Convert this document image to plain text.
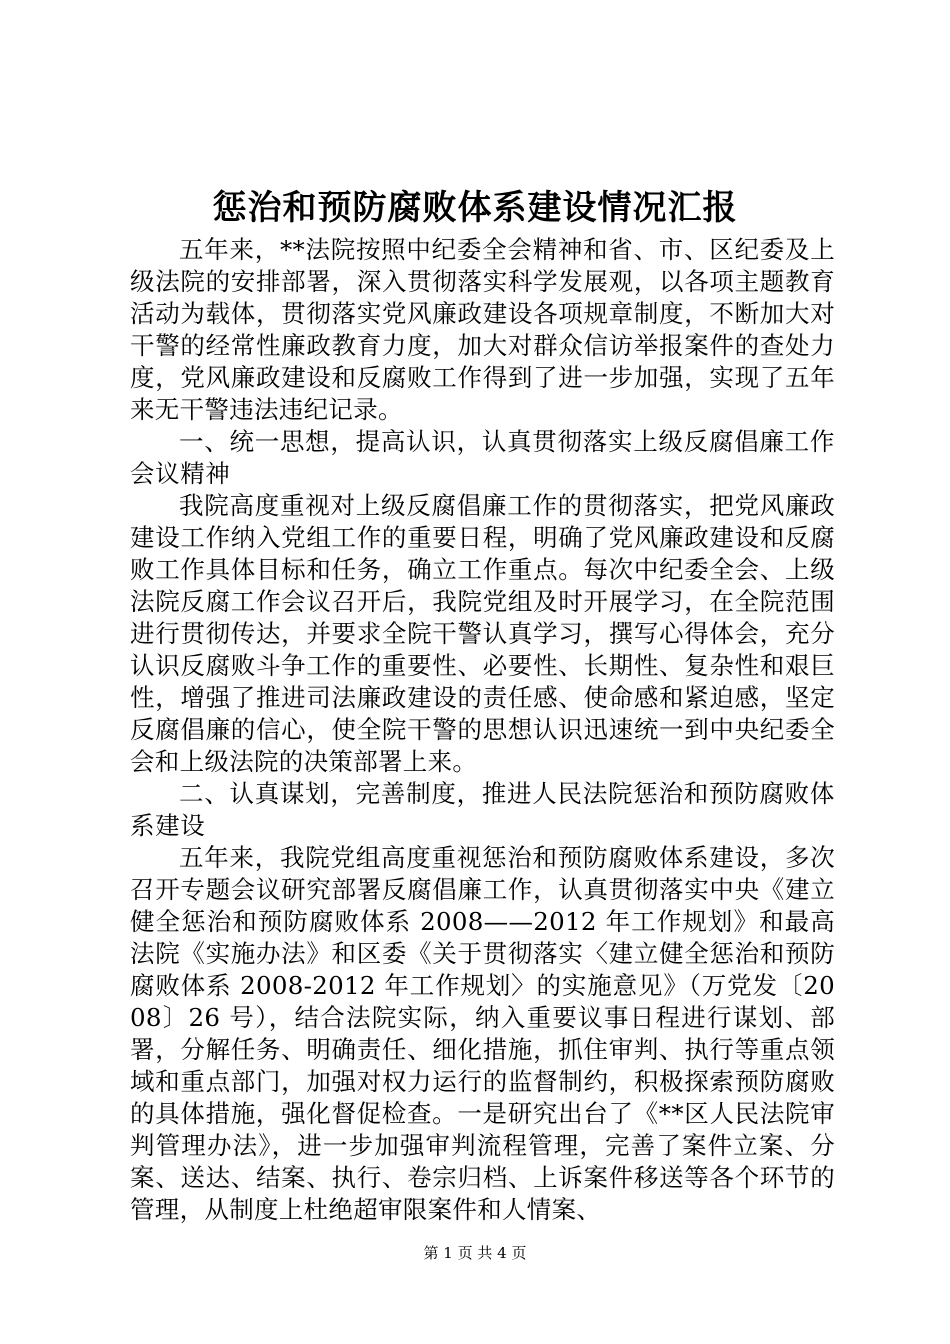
惩治和预防腐败体系建设情况汇报

五年来，**法院按照中纪委全会精神和省、市、区纪委及上级法院的安排部署，深入贯彻落实科学发展观，以各项主题教育活动为载体，贯彻落实党风廉政建设各项规章制度，不断加大对干警的经常性廉政教育力度，加大对群众信访举报案件的查处力度，党风廉政建设和反腐败工作得到了进一步加强，实现了五年来无干警违法违纪记录。

一、统一思想，提高认识，认真贯彻落实上级反腐倡廉工作会议精神

我院高度重视对上级反腐倡廉工作的贯彻落实，把党风廉政建设工作纳入党组工作的重要日程，明确了党风廉政建设和反腐败工作具体目标和任务，确立工作重点。每次中纪委全会、上级法院反腐工作会议召开后，我院党组及时开展学习，在全院范围进行贯彻传达，并要求全院干警认真学习，撰写心得体会，充分认识反腐败斗争工作的重要性、必要性、长期性、复杂性和艰巨性，增强了推进司法廉政建设的责任感、使命感和紧迫感，坚定反腐倡廉的信心，使全院干警的思想认识迅速统一到中央纪委全会和上级法院的决策部署上来。

二、认真谋划，完善制度，推进人民法院惩治和预防腐败体系建设

五年来，我院党组高度重视惩治和预防腐败体系建设，多次召开专题会议研究部署反腐倡廉工作，认真贯彻落实中央《建立健全惩治和预防腐败体系 2008——2012 年工作规划》和最高法院《实施办法》和区委《关于贯彻落实〈建立健全惩治和预防腐败体系 2008-2012 年工作规划〉的实施意见》（万党发〔2008〕26 号），结合法院实际，纳入重要议事日程进行谋划、部署，分解任务、明确责任、细化措施，抓住审判、执行等重点领域和重点部门，加强对权力运行的监督制约，积极探索预防腐败的具体措施，强化督促检查。一是研究出台了《**区人民法院审判管理办法》，进一步加强审判流程管理，完善了案件立案、分案、送达、结案、执行、卷宗归档、上诉案件移送等各个环节的管理，从制度上杜绝超审限案件和人情案、

第 1 页 共 4 页
